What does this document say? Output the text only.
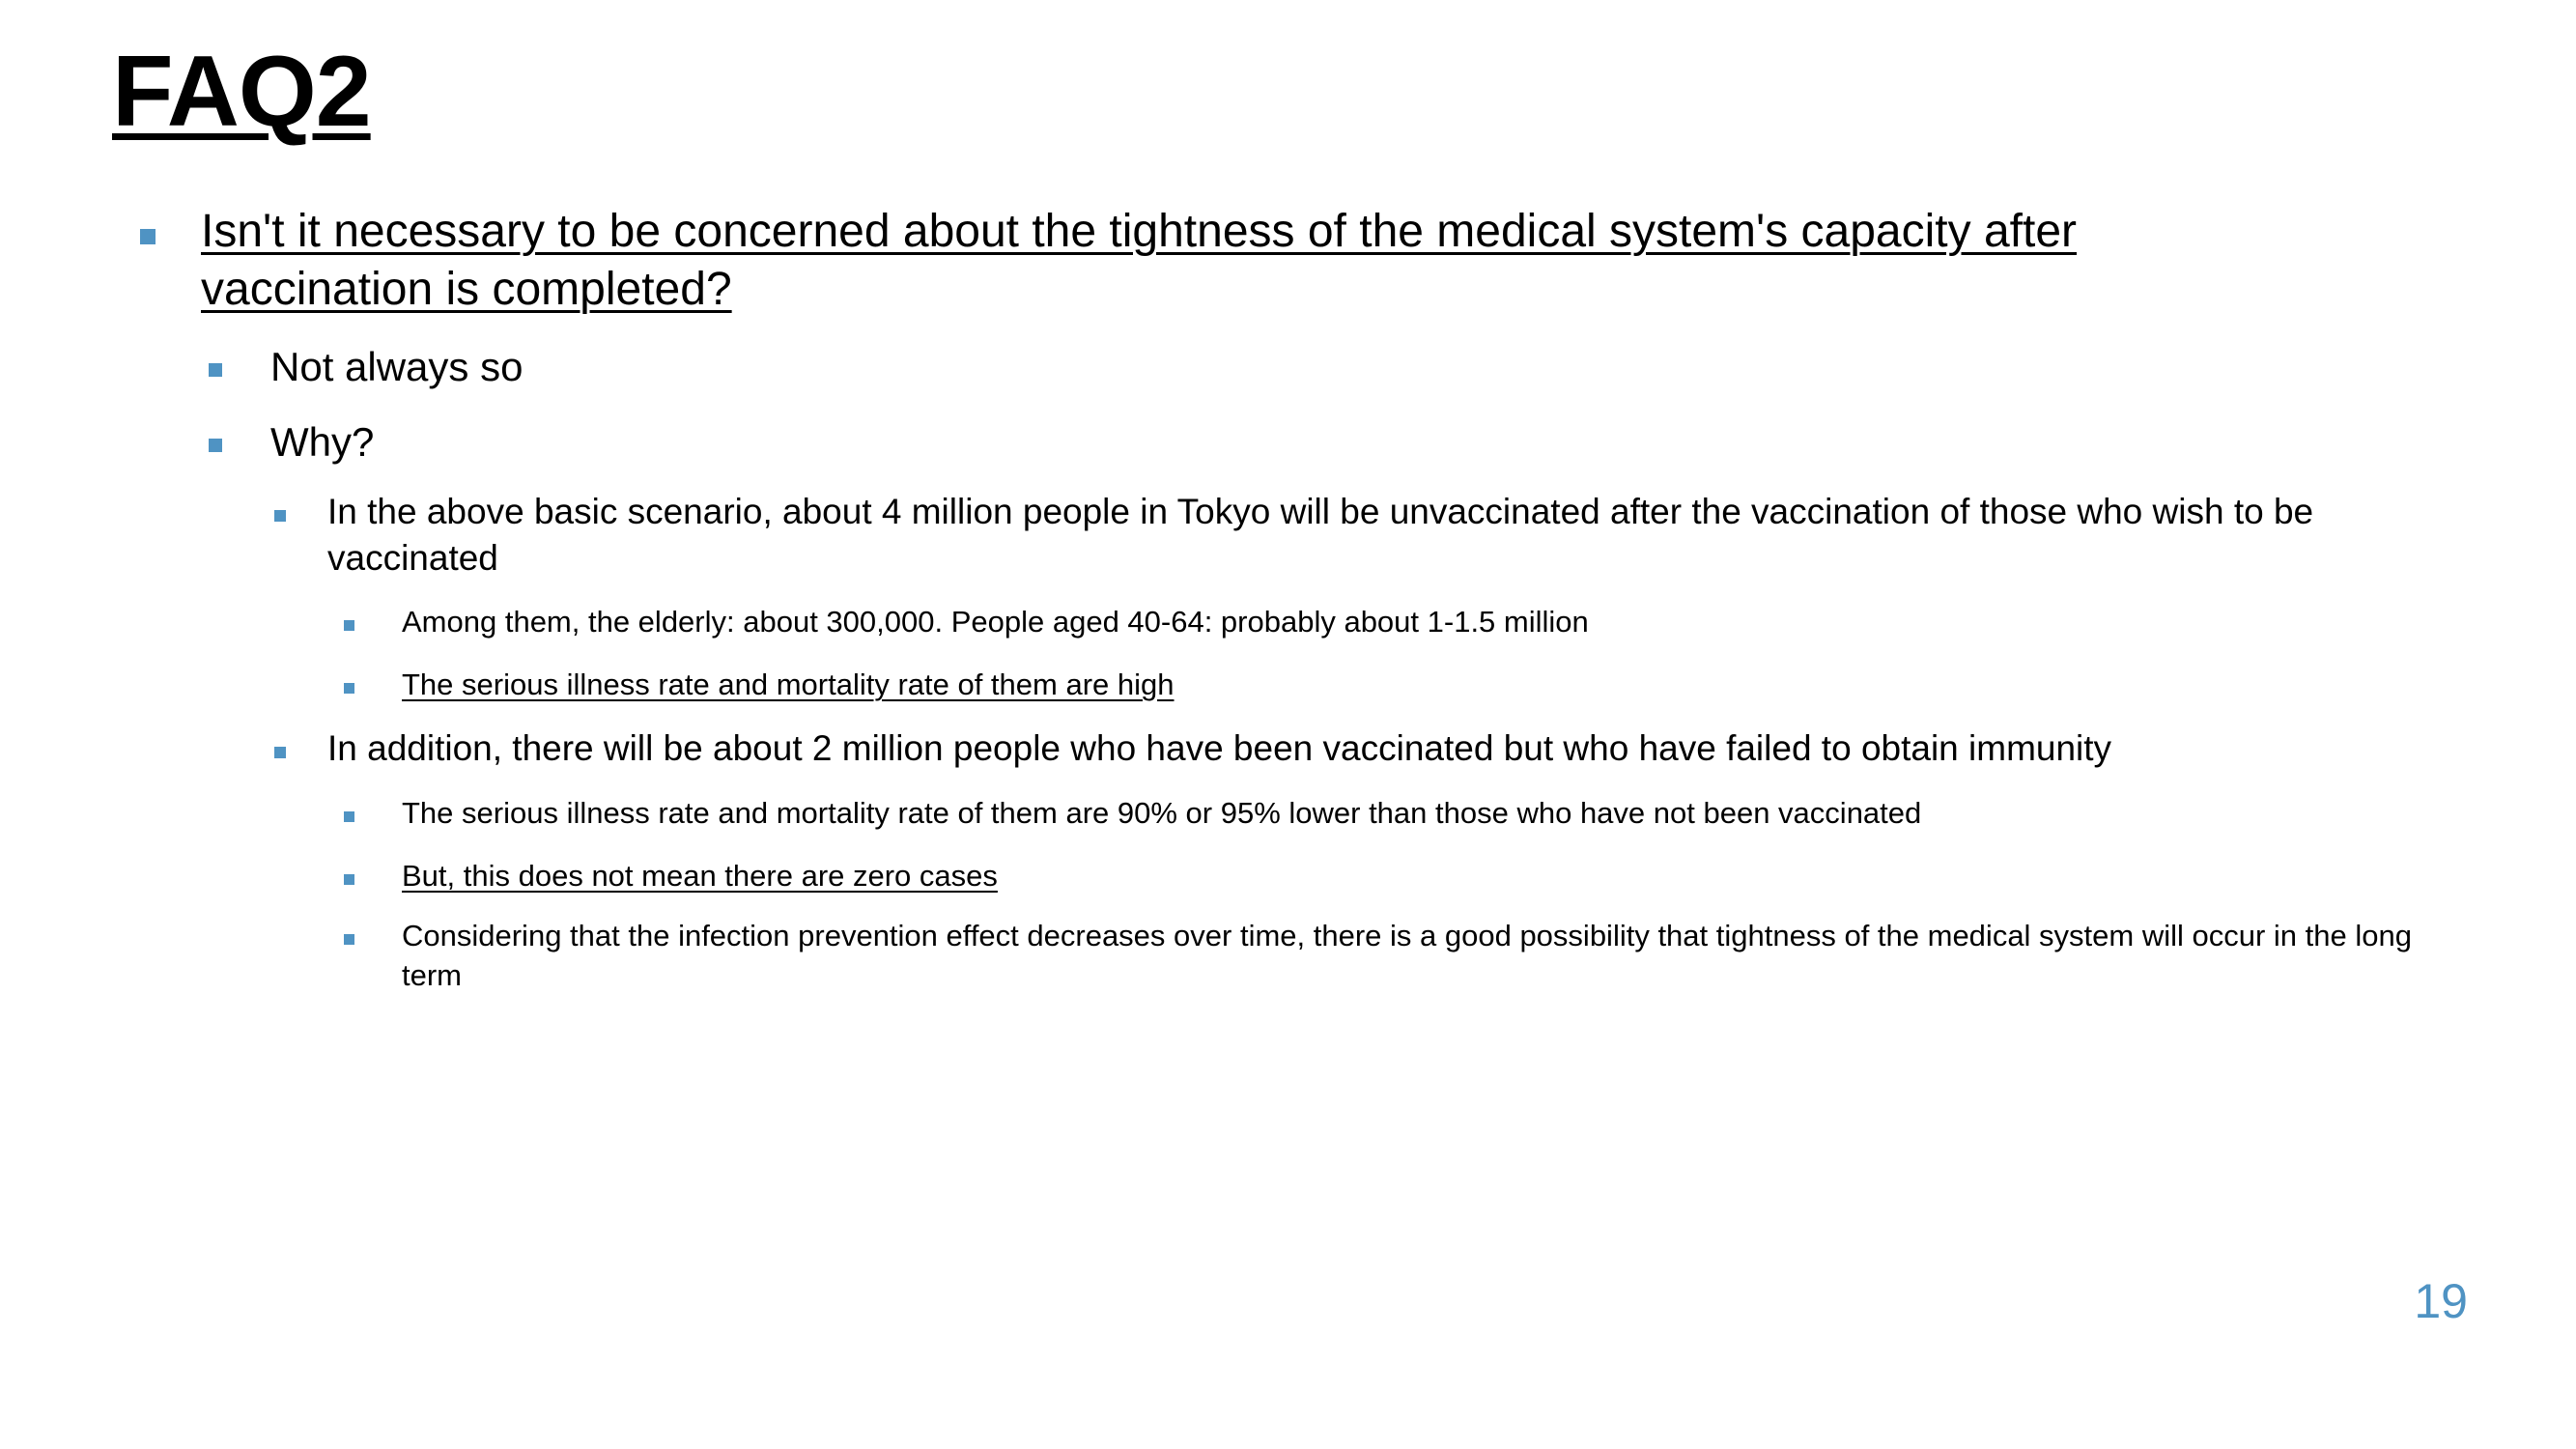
FAQ2
Isn't it necessary to be concerned about the tightness of the medical system's capacity after vaccination is completed?
Not always so
Why?
In the above basic scenario, about 4 million people in Tokyo will be unvaccinated after the vaccination of those who wish to be vaccinated
Among them, the elderly: about 300,000. People aged 40-64: probably about 1-1.5 million
The serious illness rate and mortality rate of them are high
In addition, there will be about 2 million people who have been vaccinated but who have failed to obtain immunity
The serious illness rate and mortality rate of them are 90% or 95% lower than those who have not been vaccinated
But, this does not mean there are zero cases
Considering that the infection prevention effect decreases over time, there is a good possibility that tightness of the medical system will occur in the long term
19
